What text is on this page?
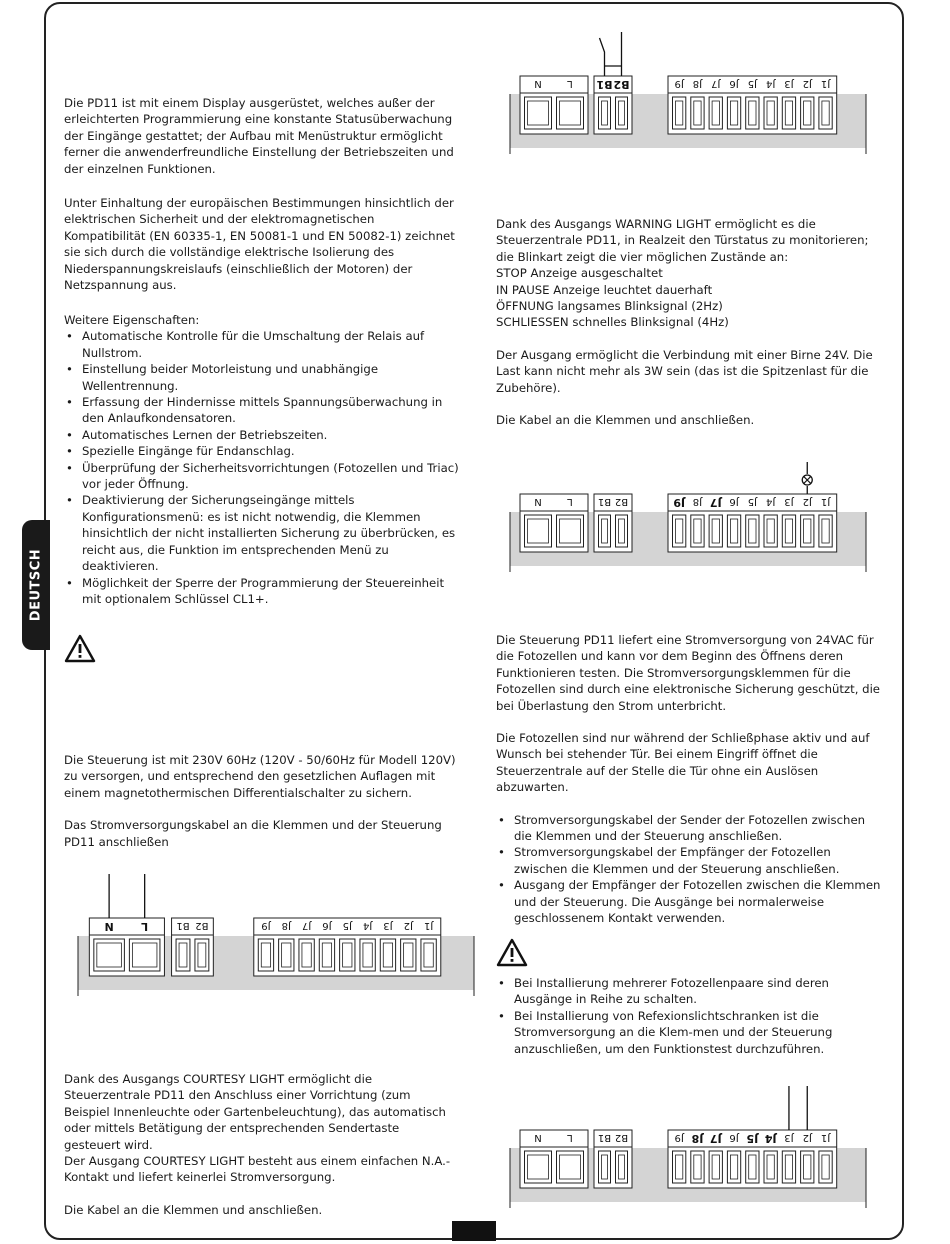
DEUTSCH

Die PD11 ist mit einem Display ausgerüstet, welches außer der erleichterten Programmierung eine konstante Statusüberwachung der Eingänge gestattet; der Aufbau mit Menüstruktur ermöglicht ferner die anwenderfreundliche Einstellung der Betriebszeiten und der einzelnen Funktionen.

Unter Einhaltung der europäischen Bestimmungen hinsichtlich der elektrischen Sicherheit und der elektromagnetischen Kompatibilität (EN 60335-1, EN 50081-1 und EN 50082-1) zeichnet sie sich durch die vollständige elektrische Isolierung des Niederspannungskreislaufs (einschließlich der Motoren) der Netzspannung aus.

Weitere Eigenschaften:

• Automatische Kontrolle für die Umschaltung der Relais auf Nullstrom.
• Einstellung beider Motorleistung und unabhängige Wellentrennung.
• Erfassung der Hindernisse mittels Spannungsüberwachung in den Anlaufkondensatoren.
• Automatisches Lernen der Betriebszeiten.
• Spezielle Eingänge für Endanschlag.
• Überprüfung der Sicherheitsvorrichtungen (Fotozellen und Triac) vor jeder Öffnung.
• Deaktivierung der Sicherungseingänge mittels Konfigurationsmenü: es ist nicht notwendig, die Klemmen hinsichtlich der nicht installierten Sicherung zu überbrücken, es reicht aus, die Funktion im entsprechenden Menü zu deaktivieren.
• Möglichkeit der Sperre der Programmierung der Steuereinheit mit optionalem Schlüssel CL1+.

Die Steuerung ist mit 230V 60Hz (120V - 50/60Hz für Modell 120V) zu versorgen, und entsprechend den gesetzlichen Auflagen mit einem magnetothermischen Differentialschalter zu sichern.

Das Stromversorgungskabel an die Klemmen und der Steuerung PD11 anschließen

N L	B1 B2	J9 J8 J7 J6 J5 J4 J3 J2 J1

Dank des Ausgangs COURTESY LIGHT ermöglicht die Steuerzentrale PD11 den Anschluss einer Vorrichtung (zum Beispiel Innenleuchte oder Gartenbeleuchtung), das automatisch oder mittels Betätigung der entsprechenden Sendertaste gesteuert wird.

Der Ausgang COURTESY LIGHT besteht aus einem einfachen N.A.-Kontakt und liefert keinerlei Stromversorgung.

Die Kabel an die Klemmen und anschließen.

N	L B1 B2	J9 J8 J7 J6 J5 J4 J3 J2 J1

Dank des Ausgangs WARNING LIGHT ermöglicht es die Steuerzentrale PD11, in Realzeit den Türstatus zu monitorieren; die Blinkart zeigt die vier möglichen Zustände an:

STOP Anzeige ausgeschaltet

IN PAUSE Anzeige leuchtet dauerhaft

ÖFFNUNG langsames Blinksignal (2Hz)

SCHLIESSEN schnelles Blinksignal (4Hz)

Der Ausgang ermöglicht die Verbindung mit einer Birne 24V. Die Last kann nicht mehr als 3W sein (das ist die Spitzenlast für die Zubehöre).

Die Kabel an die Klemmen und anschließen.

N	L	B1 B2	J9 J8 J7 J6 J5 J4 J3 J2 J1

Die Steuerung PD11 liefert eine Stromversorgung von 24VAC für die Fotozellen und kann vor dem Beginn des Öffnens deren Funktionieren testen. Die Stromversorgungsklemmen für die Fotozellen sind durch eine elektronische Sicherung geschützt, die bei Überlastung den Strom unterbricht.

Die Fotozellen sind nur während der Schließphase aktiv und auf Wunsch bei stehender Tür. Bei einem Eingriff öffnet die Steuerzentrale auf der Stelle die Tür ohne ein Auslösen abzuwarten.

• Stromversorgungskabel der Sender der Fotozellen zwischen die Klemmen und der Steuerung anschließen.
• Stromversorgungskabel der Empfänger der Fotozellen zwischen die Klemmen und der Steuerung anschließen.
• Ausgang der Empfänger der Fotozellen zwischen die Klemmen und der Steuerung. Die Ausgänge bei normalerweise geschlossenem Kontakt verwenden.
• Bei Installierung mehrerer Fotozellenpaare sind deren Ausgänge in Reihe zu schalten.
• Bei Installierung von Refexionslichtschranken ist die Stromversorgung an die Klem-men und der Steuerung anzuschließen, um den Funktionstest durchzuführen.
N	L	B1 B2	J9 J8 J7 J6 J5 J4 J3 J2 J1
